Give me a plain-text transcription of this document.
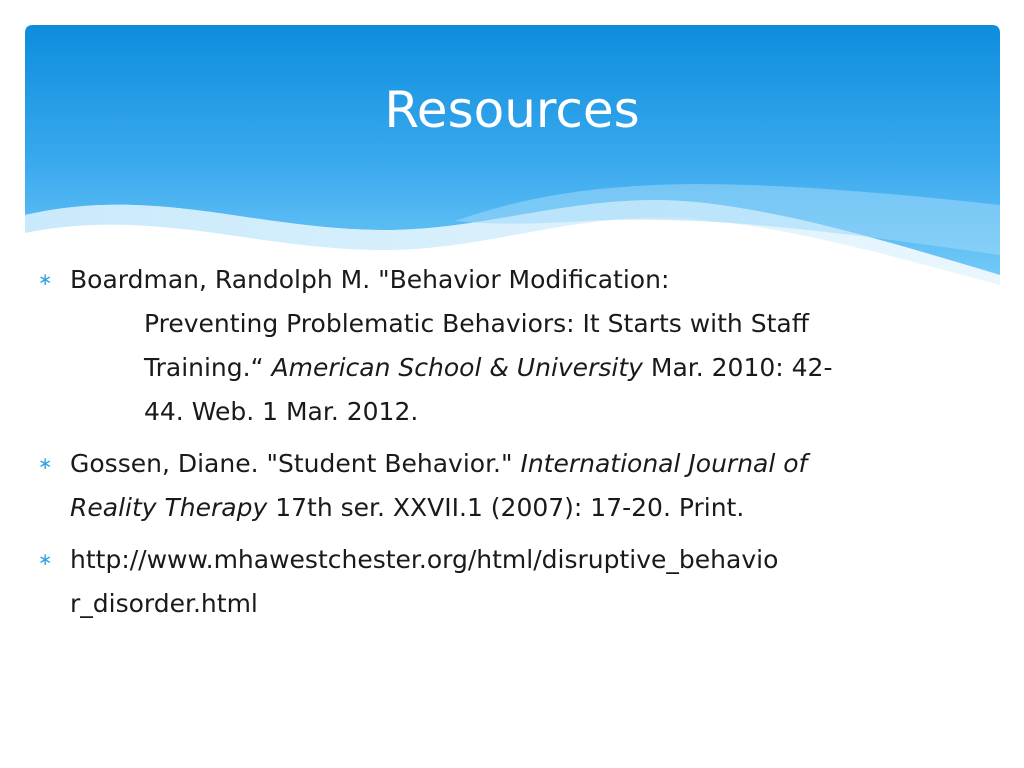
Resources
∗ Boardman, Randolph M. "Behavior Modification:
Preventing Problematic Behaviors: It Starts with Staff
Training.“ American School & University Mar. 2010: 42-
44. Web. 1 Mar. 2012.
∗ Gossen, Diane. "Student Behavior." International Journal of
Reality Therapy 17th ser. XXVII.1 (2007): 17-20. Print.
∗ http://www.mhawestchester.org/html/disruptive_behavio
r_disorder.html
